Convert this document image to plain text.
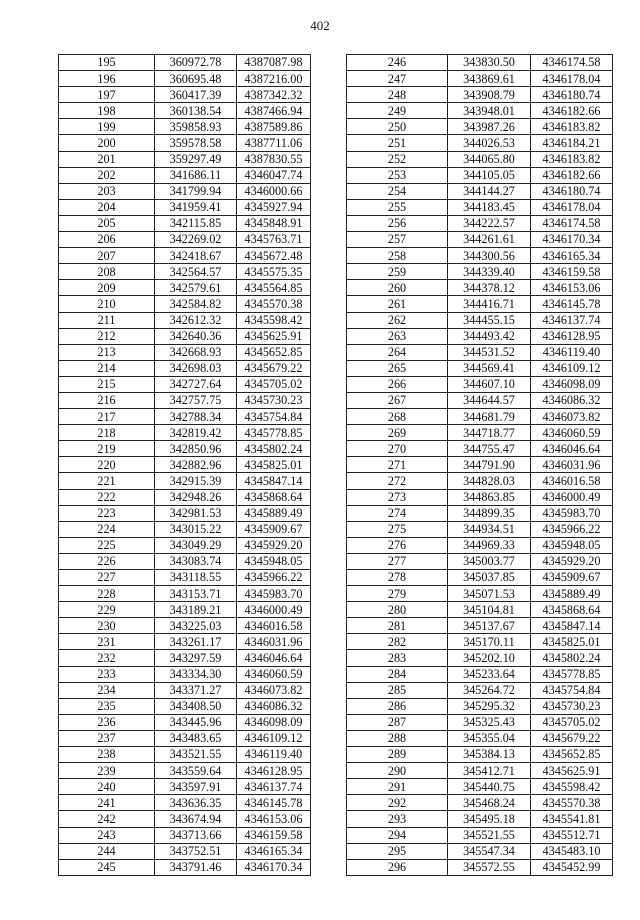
402
195	360972.78	4387087.98
196	360695.48	4387216.00
197	360417.39	4387342.32
198	360138.54	4387466.94
199	359858.93	4387589.86
200	359578.58	4387711.06
201	359297.49	4387830.55
202	341686.11	4346047.74
203	341799.94	4346000.66
204	341959.41	4345927.94
205	342115.85	4345848.91
206	342269.02	4345763.71
207	342418.67	4345672.48
208	342564.57	4345575.35
209	342579.61	4345564.85
210	342584.82	4345570.38
211	342612.32	4345598.42
212	342640.36	4345625.91
213	342668.93	4345652.85
214	342698.03	4345679.22
215	342727.64	4345705.02
216	342757.75	4345730.23
217	342788.34	4345754.84
218	342819.42	4345778.85
219	342850.96	4345802.24
220	342882.96	4345825.01
221	342915.39	4345847.14
222	342948.26	4345868.64
223	342981.53	4345889.49
224	343015.22	4345909.67
225	343049.29	4345929.20
226	343083.74	4345948.05
227	343118.55	4345966.22
228	343153.71	4345983.70
229	343189.21	4346000.49
230	343225.03	4346016.58
231	343261.17	4346031.96
232	343297.59	4346046.64
233	343334.30	4346060.59
234	343371.27	4346073.82
235	343408.50	4346086.32
236	343445.96	4346098.09
237	343483.65	4346109.12
238	343521.55	4346119.40
239	343559.64	4346128.95
240	343597.91	4346137.74
241	343636.35	4346145.78
242	343674.94	4346153.06
243	343713.66	4346159.58
244	343752.51	4346165.34
245	343791.46	4346170.34
246	343830.50	4346174.58
247	343869.61	4346178.04
248	343908.79	4346180.74
249	343948.01	4346182.66
250	343987.26	4346183.82
251	344026.53	4346184.21
252	344065.80	4346183.82
253	344105.05	4346182.66
254	344144.27	4346180.74
255	344183.45	4346178.04
256	344222.57	4346174.58
257	344261.61	4346170.34
258	344300.56	4346165.34
259	344339.40	4346159.58
260	344378.12	4346153.06
261	344416.71	4346145.78
262	344455.15	4346137.74
263	344493.42	4346128.95
264	344531.52	4346119.40
265	344569.41	4346109.12
266	344607.10	4346098.09
267	344644.57	4346086.32
268	344681.79	4346073.82
269	344718.77	4346060.59
270	344755.47	4346046.64
271	344791.90	4346031.96
272	344828.03	4346016.58
273	344863.85	4346000.49
274	344899.35	4345983.70
275	344934.51	4345966.22
276	344969.33	4345948.05
277	345003.77	4345929.20
278	345037.85	4345909.67
279	345071.53	4345889.49
280	345104.81	4345868.64
281	345137.67	4345847.14
282	345170.11	4345825.01
283	345202.10	4345802.24
284	345233.64	4345778.85
285	345264.72	4345754.84
286	345295.32	4345730.23
287	345325.43	4345705.02
288	345355.04	4345679.22
289	345384.13	4345652.85
290	345412.71	4345625.91
291	345440.75	4345598.42
292	345468.24	4345570.38
293	345495.18	4345541.81
294	345521.55	4345512.71
295	345547.34	4345483.10
296	345572.55	4345452.99
